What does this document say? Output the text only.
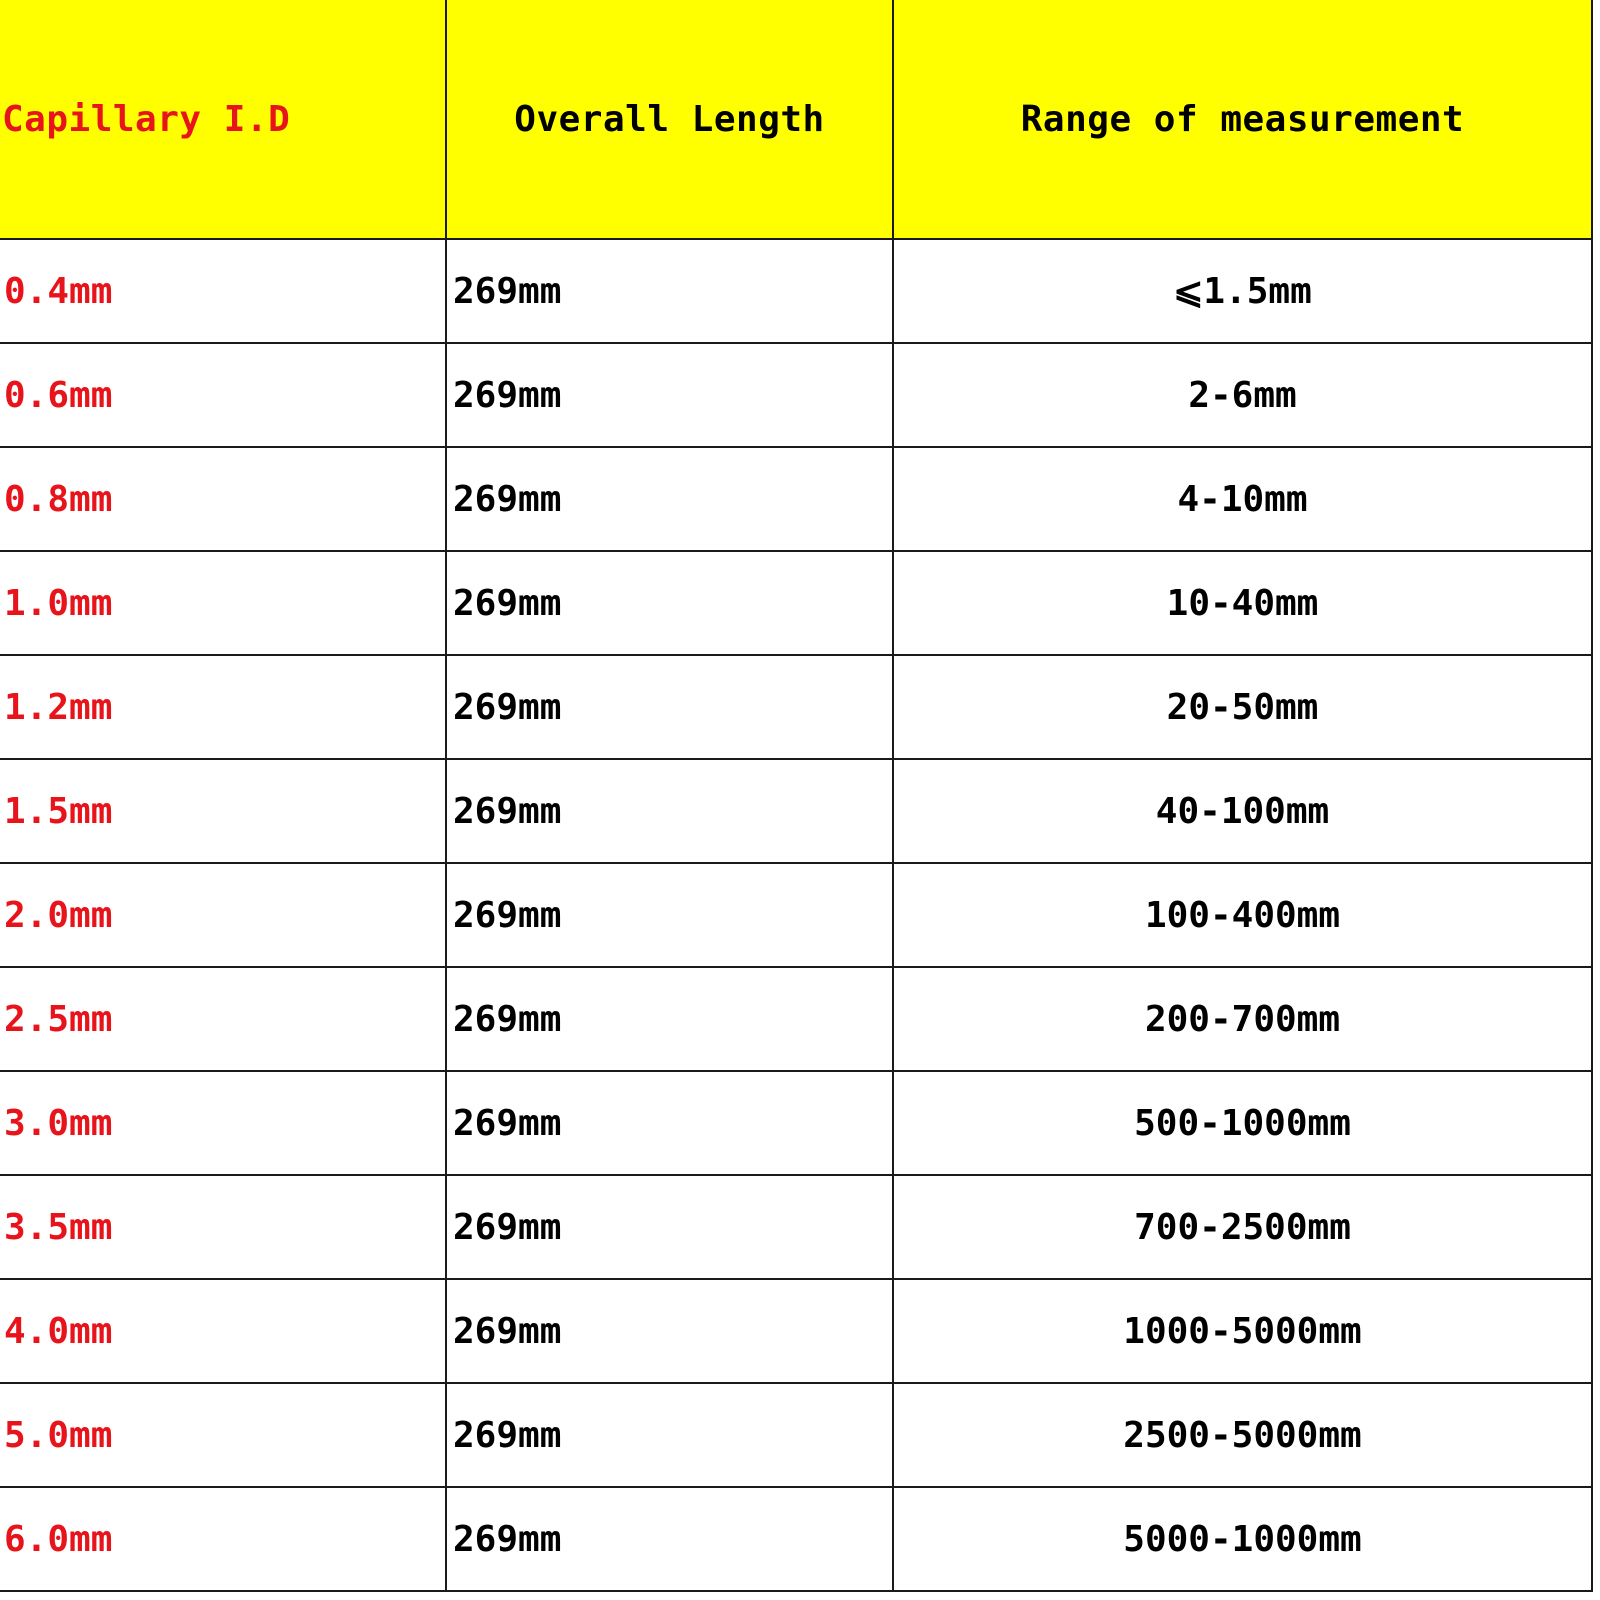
Capillary I.D	Overall Length	Range of measurement
0.4mm	269mm	⩽1.5mm
0.6mm	269mm	2-6mm
0.8mm	269mm	4-10mm
1.0mm	269mm	10-40mm
1.2mm	269mm	20-50mm
1.5mm	269mm	40-100mm
2.0mm	269mm	100-400mm
2.5mm	269mm	200-700mm
3.0mm	269mm	500-1000mm
3.5mm	269mm	700-2500mm
4.0mm	269mm	1000-5000mm
5.0mm	269mm	2500-5000mm
6.0mm	269mm	5000-1000mm
